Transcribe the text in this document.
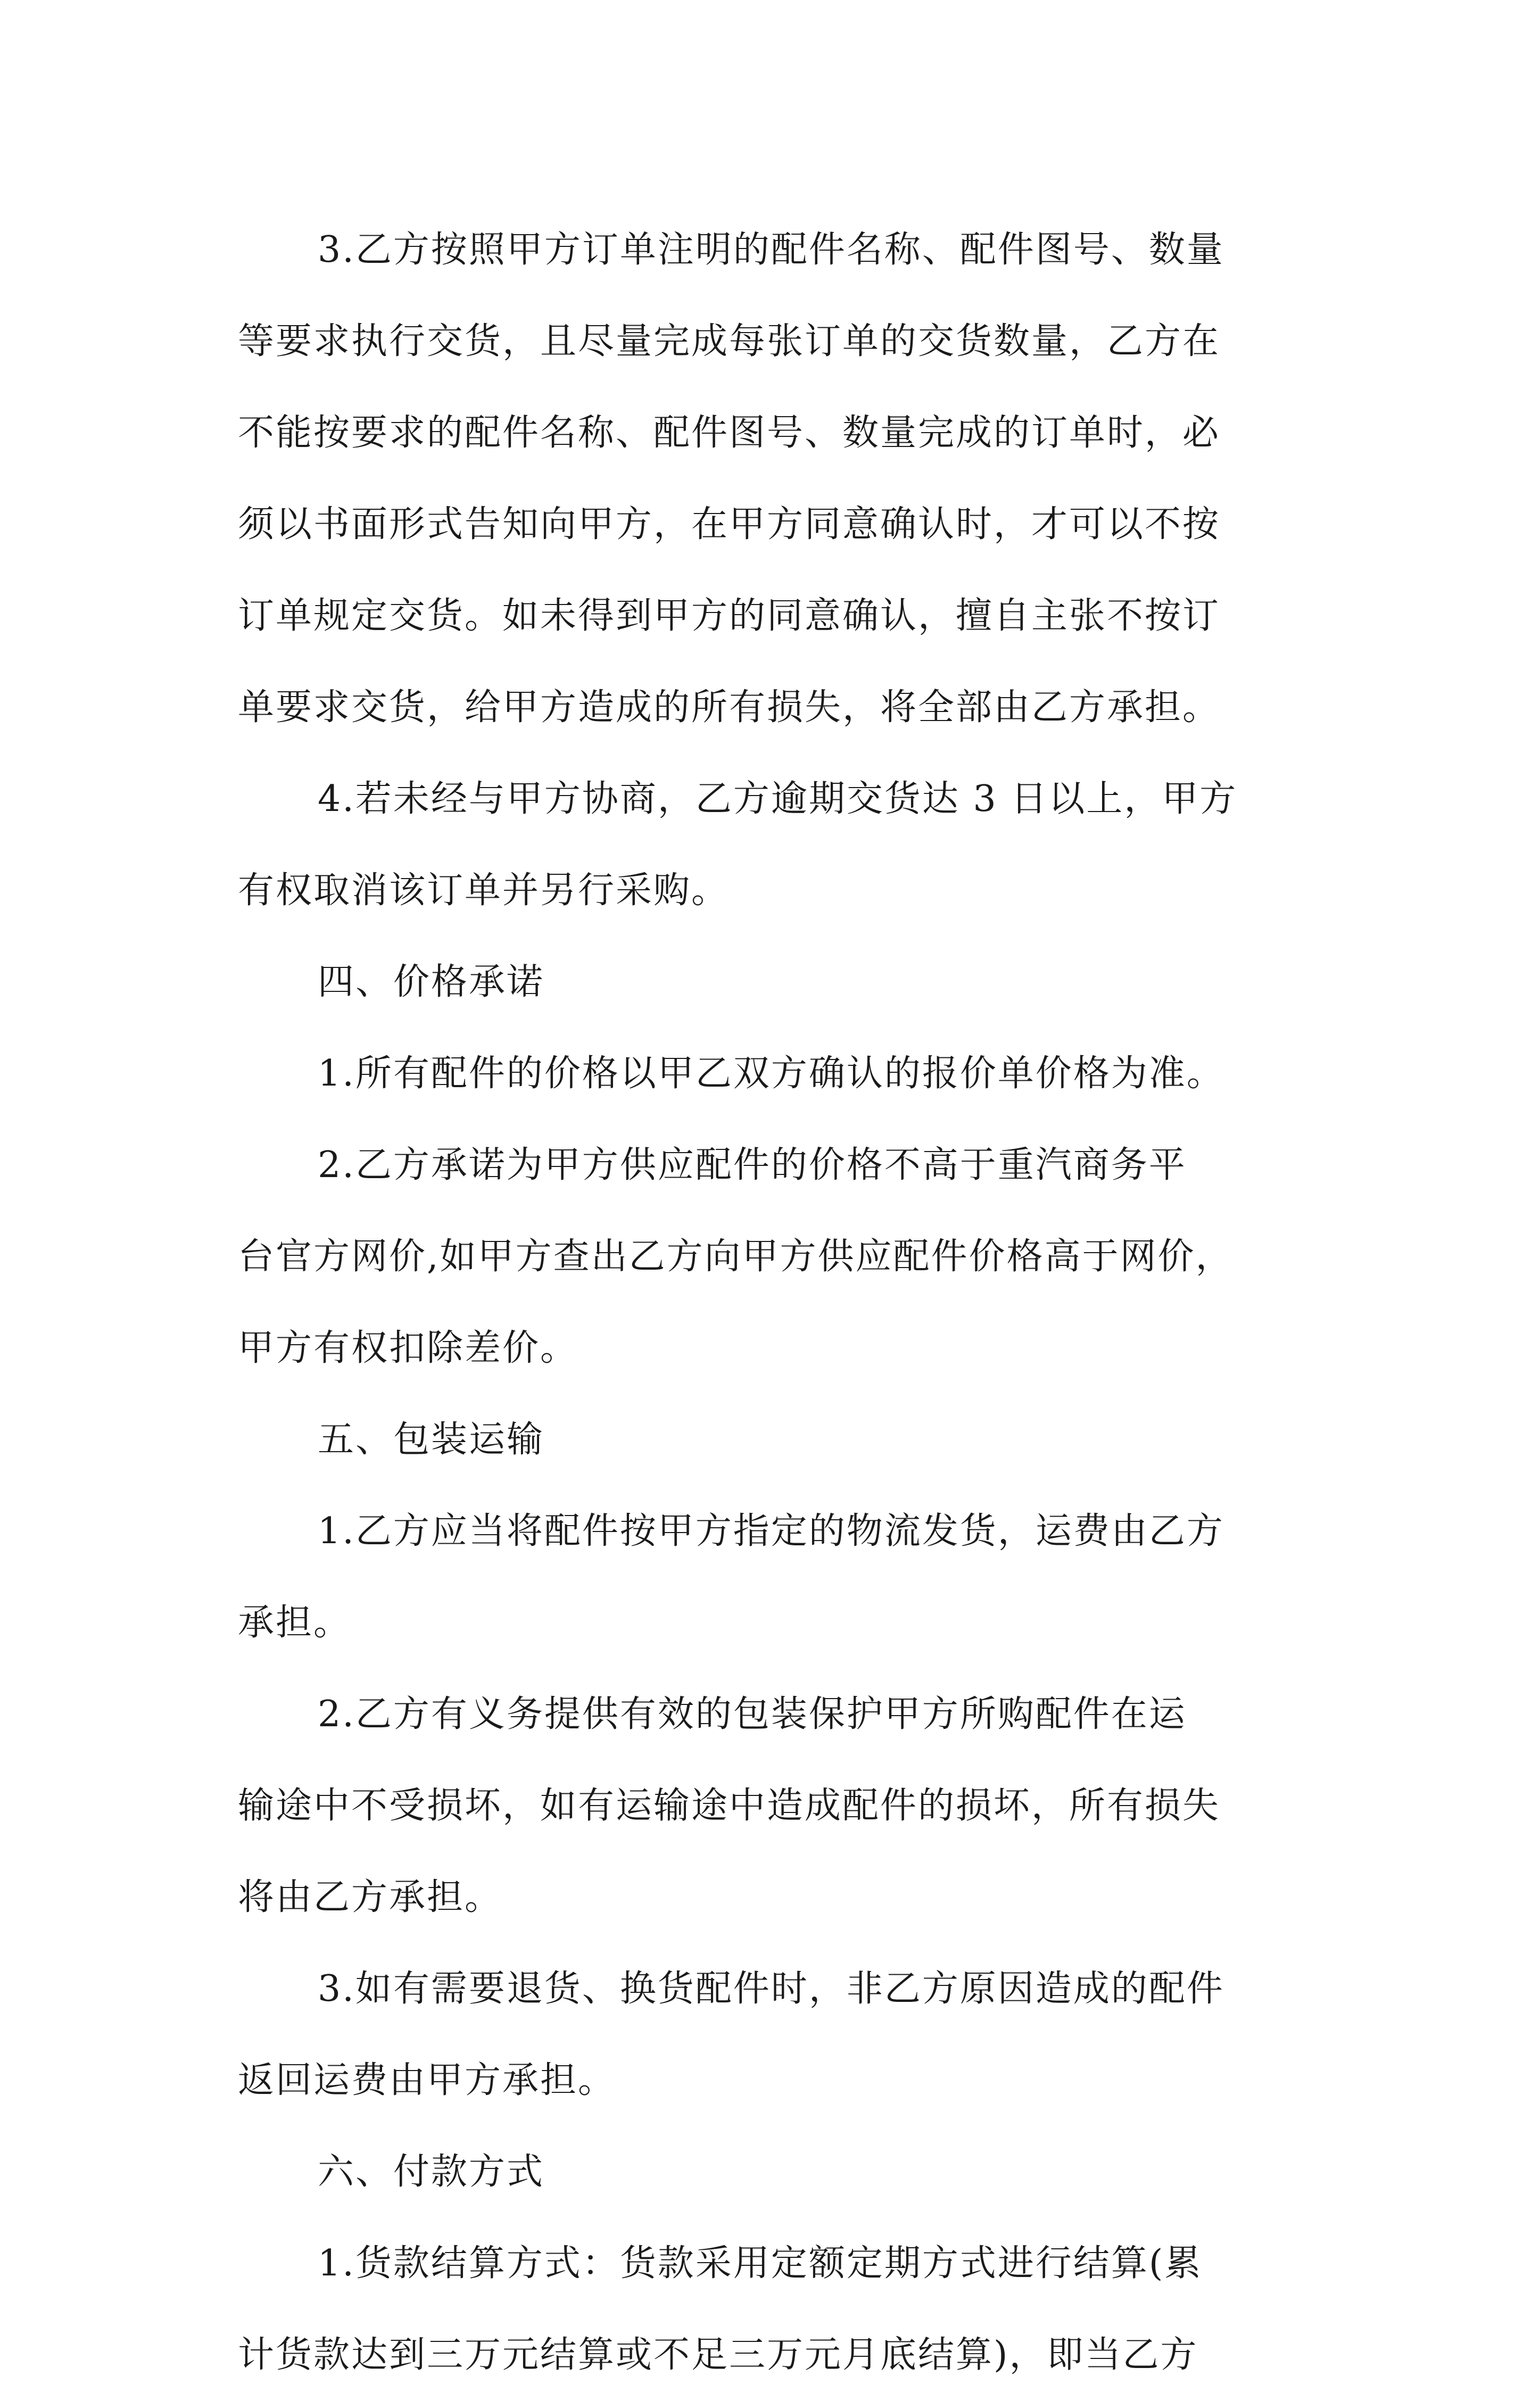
3.乙方按照甲方订单注明的配件名称、配件图号、数量
等要求执行交货，且尽量完成每张订单的交货数量，乙方在
不能按要求的配件名称、配件图号、数量完成的订单时，必
须以书面形式告知向甲方，在甲方同意确认时，才可以不按
订单规定交货。如未得到甲方的同意确认，擅自主张不按订
单要求交货，给甲方造成的所有损失，将全部由乙方承担。
4.若未经与甲方协商，乙方逾期交货达 3 日以上，甲方
有权取消该订单并另行采购。
四、价格承诺
1.所有配件的价格以甲乙双方确认的报价单价格为准。
2.乙方承诺为甲方供应配件的价格不高于重汽商务平
台官方网价,如甲方查出乙方向甲方供应配件价格高于网价，
甲方有权扣除差价。
五、包装运输
1.乙方应当将配件按甲方指定的物流发货，运费由乙方
承担。
2.乙方有义务提供有效的包装保护甲方所购配件在运
输途中不受损坏，如有运输途中造成配件的损坏，所有损失
将由乙方承担。
3.如有需要退货、换货配件时，非乙方原因造成的配件
返回运费由甲方承担。
六、付款方式
1.货款结算方式：货款采用定额定期方式进行结算(累
计货款达到三万元结算或不足三万元月底结算)，即当乙方
